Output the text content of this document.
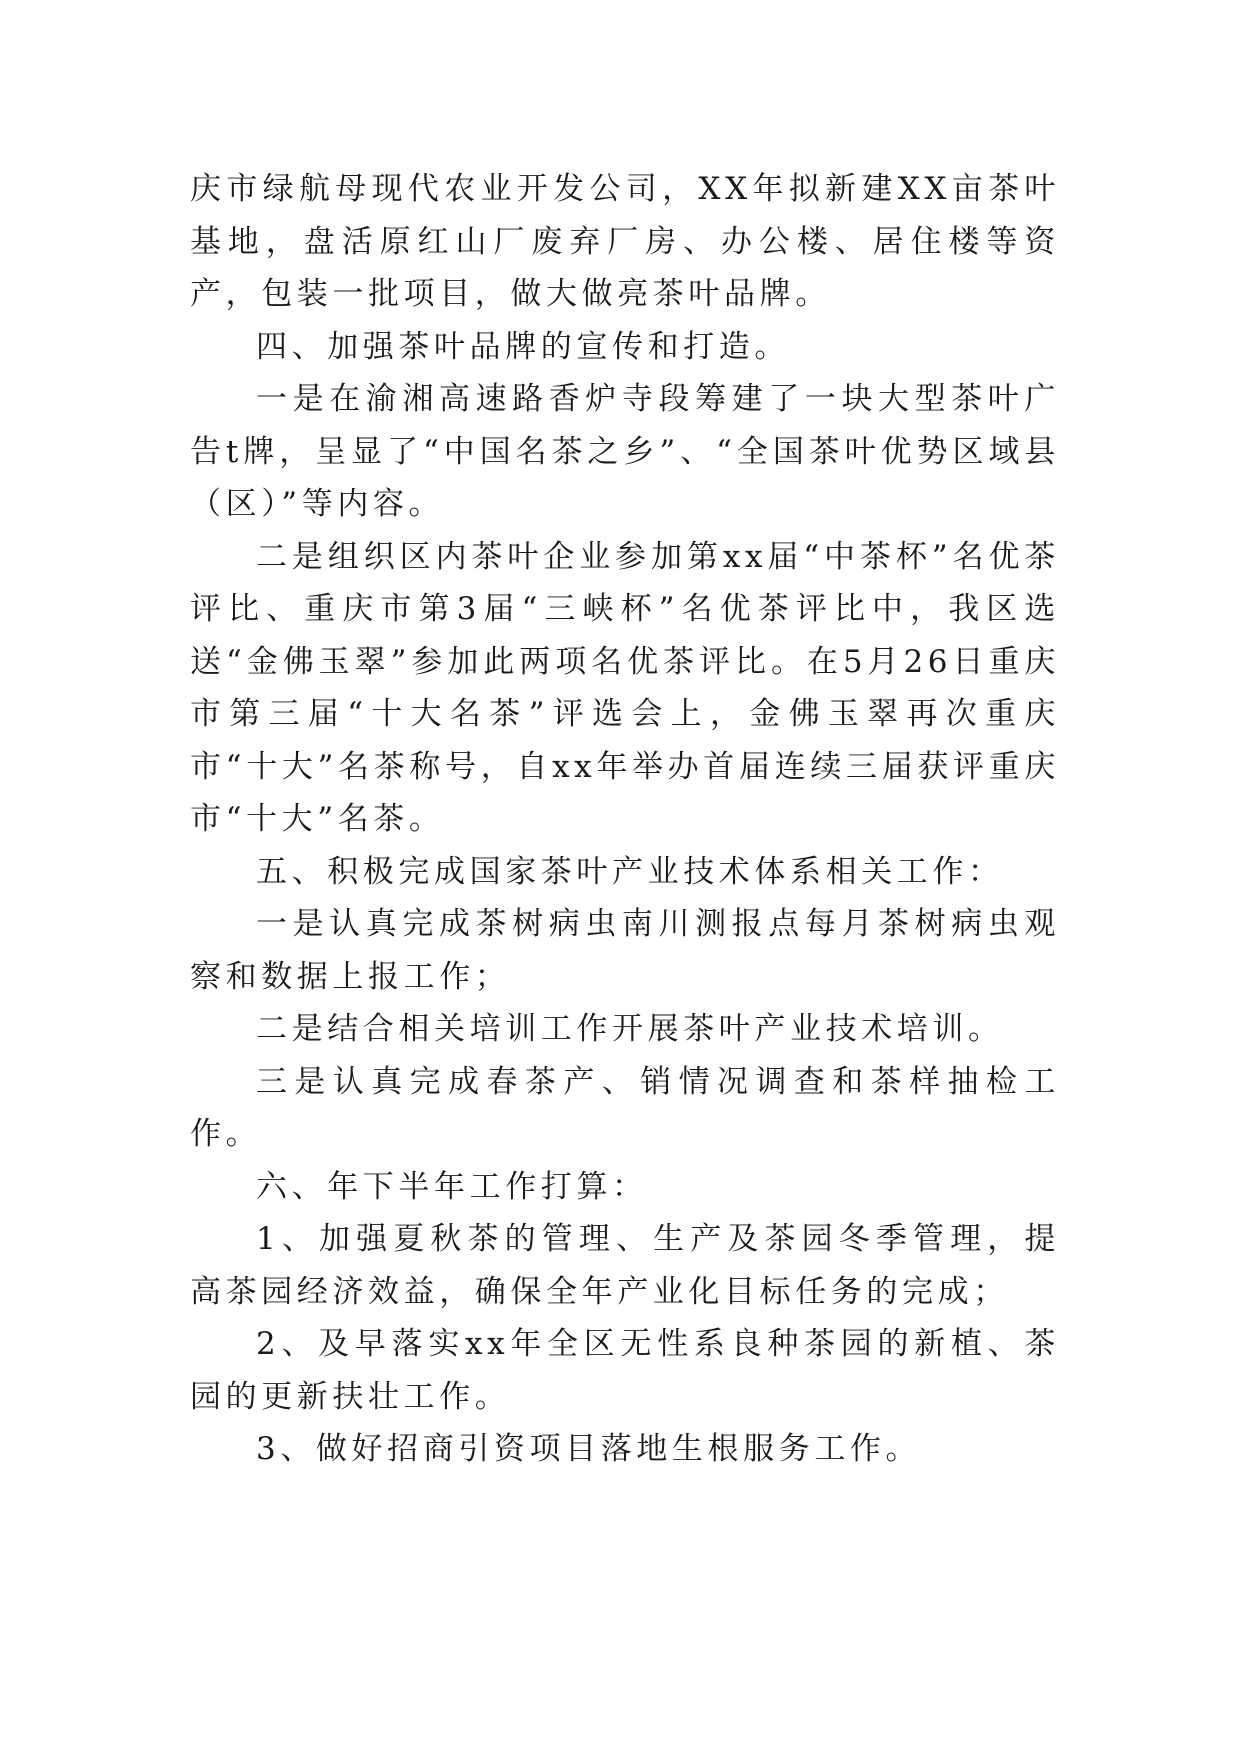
庆市绿航母现代农业开发公司，XX年拟新建XX亩茶叶基地，盘活原红山厂废弃厂房、办公楼、居住楼等资产，包装一批项目，做大做亮茶叶品牌。

四、加强茶叶品牌的宣传和打造。

一是在渝湘高速路香炉寺段筹建了一块大型茶叶广告t牌，呈显了“中国名茶之乡”、“全国茶叶优势区域县（区）”等内容。

二是组织区内茶叶企业参加第xx届“中茶杯”名优茶评比、重庆市第3届“三峡杯”名优茶评比中，我区选送“金佛玉翠”参加此两项名优茶评比。在5月26日重庆市第三届“十大名茶”评选会上，金佛玉翠再次重庆市“十大”名茶称号，自xx年举办首届连续三届获评重庆市“十大”名茶。

五、积极完成国家茶叶产业技术体系相关工作：

一是认真完成茶树病虫南川测报点每月茶树病虫观察和数据上报工作；

二是结合相关培训工作开展茶叶产业技术培训。

三是认真完成春茶产、销情况调查和茶样抽检工作。

六、年下半年工作打算：

1、加强夏秋茶的管理、生产及茶园冬季管理，提高茶园经济效益，确保全年产业化目标任务的完成；

2、及早落实xx年全区无性系良种茶园的新植、茶园的更新扶壮工作。

3、做好招商引资项目落地生根服务工作。
